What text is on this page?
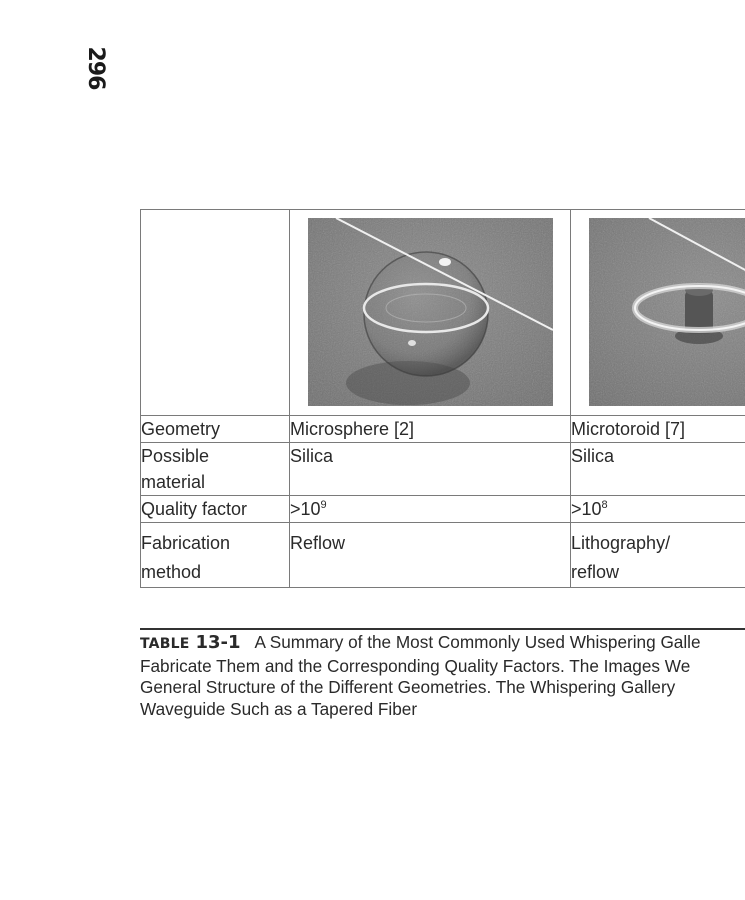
296

Geometry	Microsphere [2]	Microtoroid [7]

Possible
material	Silica	Silica
Quality factor	$>10^9$	$>10^8$

Fabrication
method	Reflow	Lithography/
reflow
TABLE 13-1 A Summary of the Most Commonly Used Whispering Galle
Fabricate Them and the Corresponding Quality Factors. The Images We
General Structure of the Different Geometries. The Whispering Gallery
Waveguide Such as a Tapered Fiber
